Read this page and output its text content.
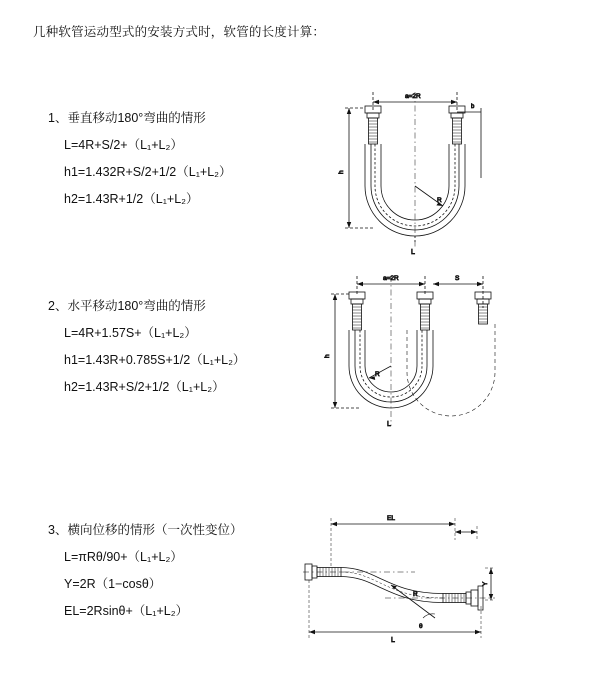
几种软管运动型式的安装方式时，软管的长度计算：
1、垂直移动180°弯曲的情形
L=4R+S/2+（L₁+L₂）
h1=1.432R+S/2+1/2（L₁+L₂）
h2=1.43R+1/2（L₁+L₂）
a=2R
b
h
R
L
2、水平移动180°弯曲的情形
L=4R+1.57S+（L₁+L₂）
h1=1.43R+0.785S+1/2（L₁+L₂）
h2=1.43R+S/2+1/2（L₁+L₂）
a=2R	S
h
R
L
3、横向位移的情形（一次性变位）
L=πRθ/90+（L₁+L₂）
Y=2R（1−cosθ）
EL=2Rsinθ+（L₁+L₂）
EL
Y
R
θ
L
